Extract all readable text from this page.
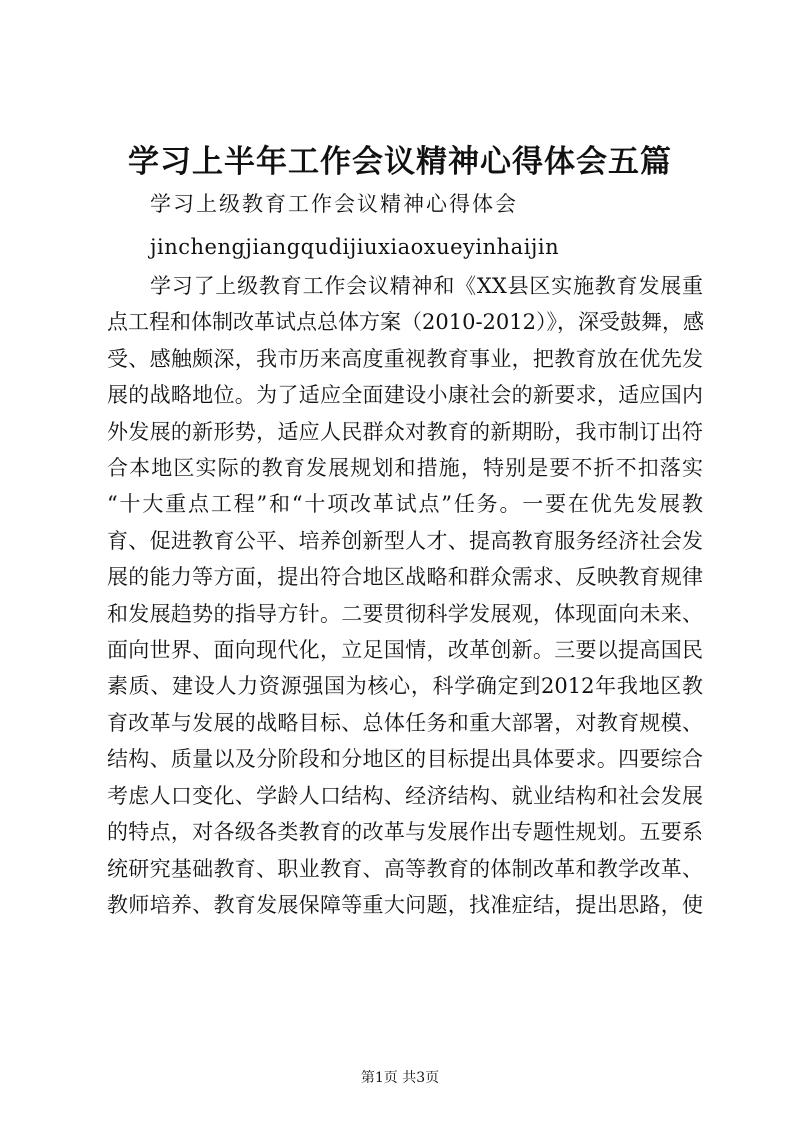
学习上半年工作会议精神心得体会五篇
学习上级教育工作会议精神心得体会
jinchengjiangqudijiuxiaoxueyinhaijin

学习了上级教育工作会议精神和《XX县区实施教育发展重
点工程和体制改革试点总体方案（2010-2012）》，深受鼓舞，感
受、感触颇深，我市历来高度重视教育事业，把教育放在优先发
展的战略地位。为了适应全面建设小康社会的新要求，适应国内
外发展的新形势，适应人民群众对教育的新期盼，我市制订出符
合本地区实际的教育发展规划和措施，特别是要不折不扣落实
“十大重点工程”和“十项改革试点”任务。一要在优先发展教
育、促进教育公平、培养创新型人才、提高教育服务经济社会发
展的能力等方面，提出符合地区战略和群众需求、反映教育规律
和发展趋势的指导方针。二要贯彻科学发展观，体现面向未来、
面向世界、面向现代化，立足国情，改革创新。三要以提高国民
素质、建设人力资源强国为核心，科学确定到2012年我地区教
育改革与发展的战略目标、总体任务和重大部署，对教育规模、
结构、质量以及分阶段和分地区的目标提出具体要求。四要综合
考虑人口变化、学龄人口结构、经济结构、就业结构和社会发展
的特点，对各级各类教育的改革与发展作出专题性规划。五要系
统研究基础教育、职业教育、高等教育的体制改革和教学改革、
教师培养、教育发展保障等重大问题，找准症结，提出思路，使

第1页 共3页
